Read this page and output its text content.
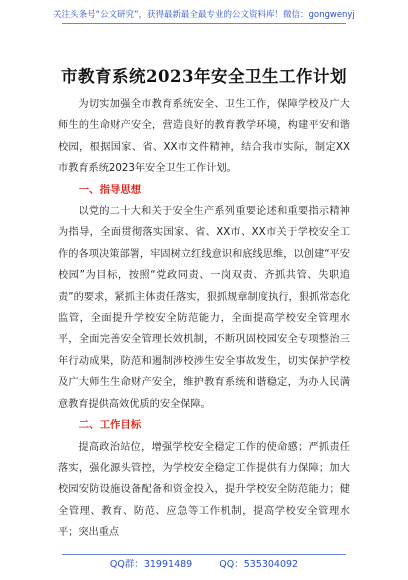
关注头条号“公文研究”，获得最新最全最专业的公文资料库！微信：gongwenyj
市教育系统2023年安全卫生工作计划

为切实加强全市教育系统安全、卫生工作，保障学校及广大师生的生命财产安全，营造良好的教育教学环境，构建平安和谐校园，根据国家、省、XX市文件精神，结合我市实际，制定XX市教育系统2023年安全卫生工作计划。

一、指导思想

以党的二十大和关于安全生产系列重要论述和重要指示精神为指导，全面贯彻落实国家、省、XX市、XX市关于学校安全工作的各项决策部署，牢固树立红线意识和底线思维，以创建“平安校园”为目标，按照“党政同责、一岗双责、齐抓共管、失职追责”的要求，紧抓主体责任落实，狠抓规章制度执行，狠抓常态化监管，全面提升学校安全防范能力，全面提高学校安全管理水平，全面完善安全管理长效机制，不断巩固校园安全专项整治三年行动成果，防范和遏制涉校涉生安全事故发生，切实保护学校及广大师生生命财产安全，维护教育系统和谐稳定，为办人民满意教育提供高效优质的安全保障。

二、工作目标

提高政治站位，增强学校安全稳定工作的使命感；严抓责任落实，强化源头管控，为学校安全稳定工作提供有力保障；加大校园安防设施设备配备和资金投入，提升学校安全防范能力；健全管理、教育、防范、应急等工作机制，提高学校安全管理水平；突出重点

QQ群：31991489	QQ：535304092
